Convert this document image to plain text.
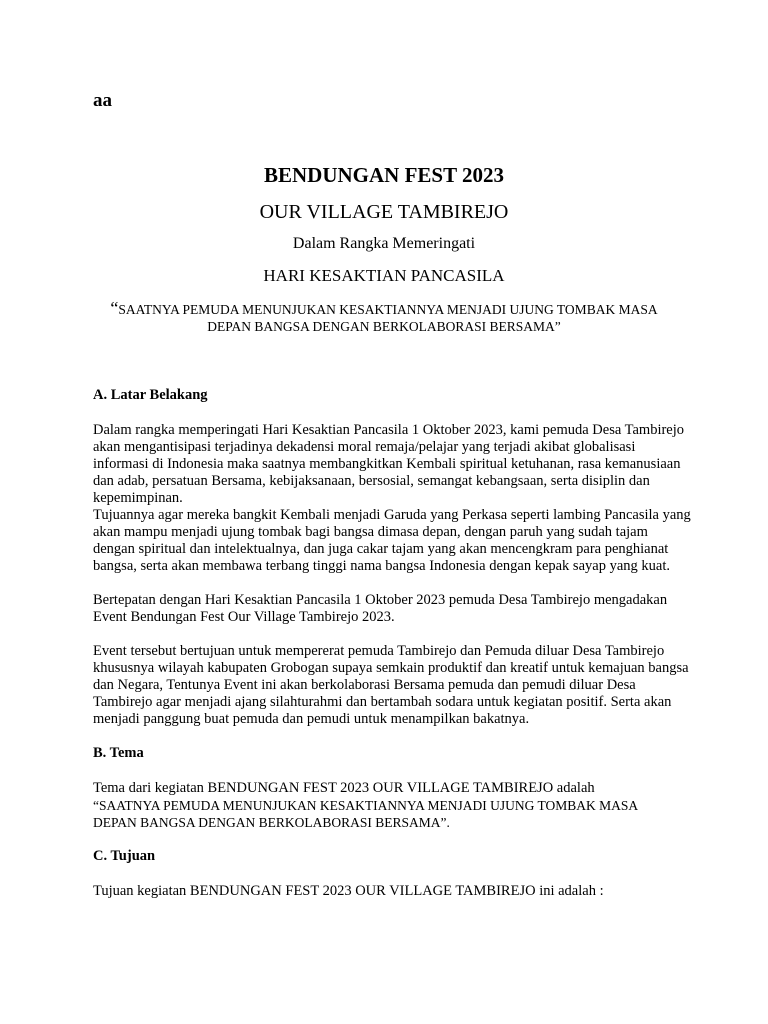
aa

BENDUNGAN FEST 2023
OUR VILLAGE TAMBIREJO
Dalam Rangka Memeringati
HARI KESAKTIAN PANCASILA
“SAATNYA PEMUDA MENUNJUKAN KESAKTIANNYA MENJADI UJUNG TOMBAK MASA
DEPAN BANGSA DENGAN BERKOLABORASI BERSAMA”
A. Latar Belakang
Dalam rangka memperingati Hari Kesaktian Pancasila 1 Oktober 2023, kami pemuda Desa Tambirejo akan mengantisipasi terjadinya dekadensi moral remaja/pelajar yang terjadi akibat globalisasi informasi di Indonesia maka saatnya membangkitkan Kembali spiritual ketuhanan, rasa kemanusiaan dan adab, persatuan Bersama, kebijaksanaan, bersosial, semangat kebangsaan, serta disiplin dan kepemimpinan.
Tujuannya agar mereka bangkit Kembali menjadi Garuda yang Perkasa seperti lambing Pancasila yang akan mampu menjadi ujung tombak bagi bangsa dimasa depan, dengan paruh yang sudah tajam dengan spiritual dan intelektualnya, dan juga cakar tajam yang akan mencengkram para penghianat bangsa, serta akan membawa terbang tinggi nama bangsa Indonesia dengan kepak sayap yang kuat.
Bertepatan dengan Hari Kesaktian Pancasila 1 Oktober 2023 pemuda Desa Tambirejo mengadakan Event Bendungan Fest Our Village Tambirejo 2023.
Event tersebut bertujuan untuk mempererat pemuda Tambirejo dan Pemuda diluar Desa Tambirejo khususnya wilayah kabupaten Grobogan supaya semkain produktif dan kreatif untuk kemajuan bangsa dan Negara, Tentunya Event ini akan berkolaborasi Bersama pemuda dan pemudi diluar Desa Tambirejo agar menjadi ajang silahturahmi dan bertambah sodara untuk kegiatan positif. Serta akan menjadi panggung buat pemuda dan pemudi untuk menampilkan bakatnya.
B. Tema
Tema dari kegiatan BENDUNGAN FEST 2023 OUR VILLAGE TAMBIREJO adalah
“SAATNYA PEMUDA MENUNJUKAN KESAKTIANNYA MENJADI UJUNG TOMBAK MASA
DEPAN BANGSA DENGAN BERKOLABORASI BERSAMA”.
C. Tujuan
Tujuan kegiatan BENDUNGAN FEST 2023 OUR VILLAGE TAMBIREJO ini adalah :
